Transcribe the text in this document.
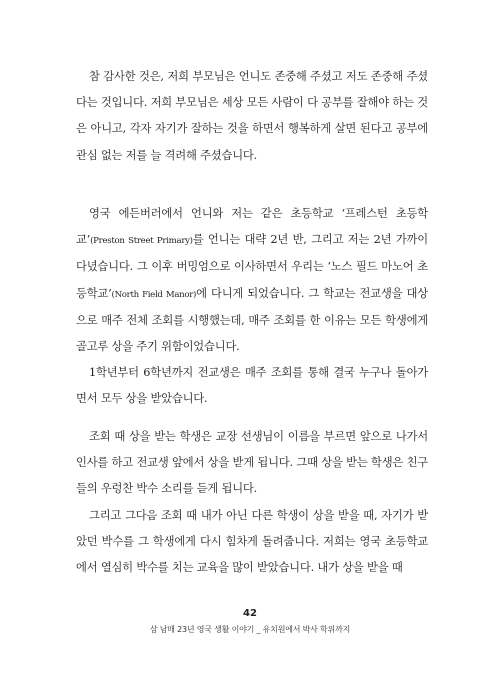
참 감사한 것은, 저희 부모님은 언니도 존중해 주셨고 저도 존중해 주셨다는 것입니다. 저희 부모님은 세상 모든 사람이 다 공부를 잘해야 하는 것은 아니고, 각자 자기가 잘하는 것을 하면서 행복하게 살면 된다고 공부에 관심 없는 저를 늘 격려해 주셨습니다.

영국 에든버러에서 언니와 저는 같은 초등학교 ‘프레스턴 초등학교’(Preston Street Primary)를 언니는 대략 2년 반, 그리고 저는 2년 가까이 다녔습니다. 그 이후 버밍엄으로 이사하면서 우리는 ‘노스 필드 마노어 초등학교’(North Field Manor)에 다니게 되었습니다. 그 학교는 전교생을 대상으로 매주 전체 조회를 시행했는데, 매주 조회를 한 이유는 모든 학생에게 골고루 상을 주기 위함이었습니다.

1학년부터 6학년까지 전교생은 매주 조회를 통해 결국 누구나 돌아가면서 모두 상을 받았습니다.

조회 때 상을 받는 학생은 교장 선생님이 이름을 부르면 앞으로 나가서 인사를 하고 전교생 앞에서 상을 받게 됩니다. 그때 상을 받는 학생은 친구들의 우렁찬 박수 소리를 듣게 됩니다.

그리고 그다음 조회 때 내가 아닌 다른 학생이 상을 받을 때, 자기가 받았던 박수를 그 학생에게 다시 힘차게 돌려줍니다. 저희는 영국 초등학교에서 열심히 박수를 치는 교육을 많이 받았습니다. 내가 상을 받을 때

42
삼 남매 23년 영국 생활 이야기 _ 유치원에서 박사 학위까지
